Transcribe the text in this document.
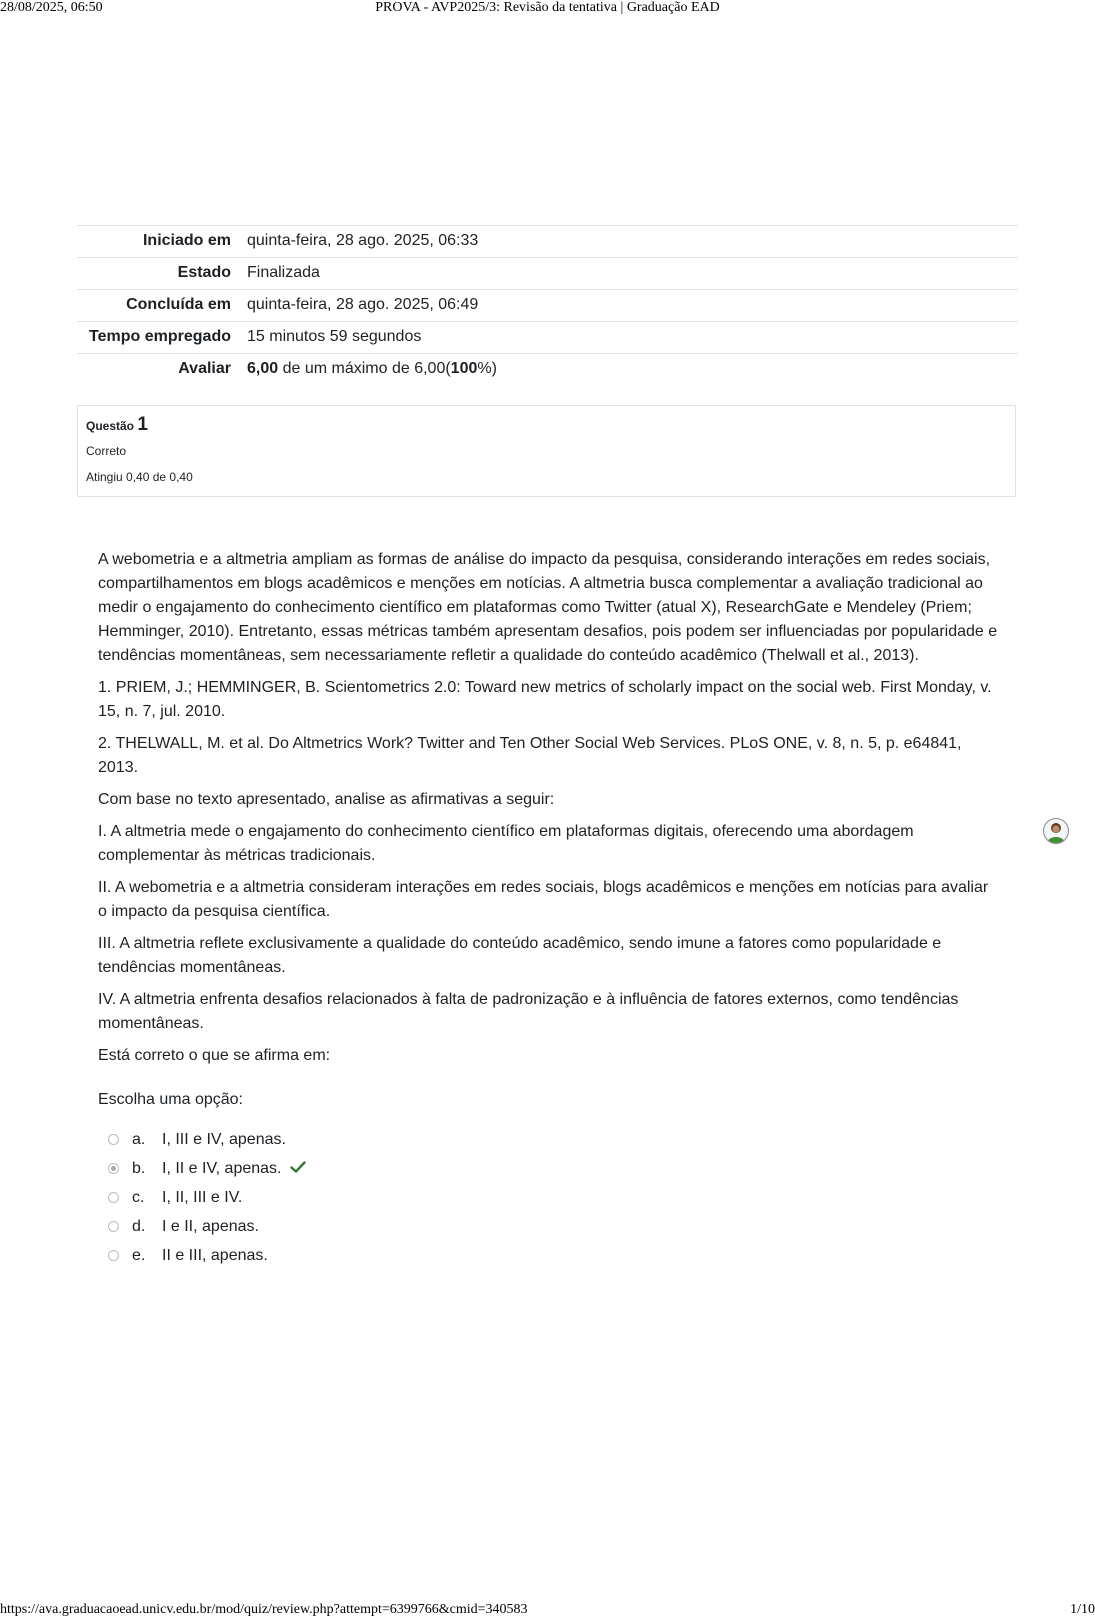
28/08/2025, 06:50	PROVA - AVP2025/3: Revisão da tentativa | Graduação EAD
Iniciado em	quinta-feira, 28 ago. 2025, 06:33
Estado	Finalizada
Concluída em	quinta-feira, 28 ago. 2025, 06:49
Tempo empregado	15 minutos 59 segundos
Avaliar	6,00 de um máximo de 6,00(100%)
Questão 1
Correto
Atingiu 0,40 de 0,40

A webometria e a altmetria ampliam as formas de análise do impacto da pesquisa, considerando interações em redes sociais, compartilhamentos em blogs acadêmicos e menções em notícias. A altmetria busca complementar a avaliação tradicional ao medir o engajamento do conhecimento científico em plataformas como Twitter (atual X), ResearchGate e Mendeley (Priem; Hemminger, 2010). Entretanto, essas métricas também apresentam desafios, pois podem ser influenciadas por popularidade e tendências momentâneas, sem necessariamente refletir a qualidade do conteúdo acadêmico (Thelwall et al., 2013).

1. PRIEM, J.; HEMMINGER, B. Scientometrics 2.0: Toward new metrics of scholarly impact on the social web. First Monday, v. 15, n. 7, jul. 2010.

2. THELWALL, M. et al. Do Altmetrics Work? Twitter and Ten Other Social Web Services. PLoS ONE, v. 8, n. 5, p. e64841, 2013.

Com base no texto apresentado, analise as afirmativas a seguir:

I. A altmetria mede o engajamento do conhecimento científico em plataformas digitais, oferecendo uma abordagem complementar às métricas tradicionais.

II. A webometria e a altmetria consideram interações em redes sociais, blogs acadêmicos e menções em notícias para avaliar o impacto da pesquisa científica.

III. A altmetria reflete exclusivamente a qualidade do conteúdo acadêmico, sendo imune a fatores como popularidade e tendências momentâneas.

IV. A altmetria enfrenta desafios relacionados à falta de padronização e à influência de fatores externos, como tendências momentâneas.

Está correto o que se afirma em:

Escolha uma opção:
a. I, III e IV, apenas.
b. I, II e IV, apenas.
c. I, II, III e IV.
d. I e II, apenas.
e. II e III, apenas.
https://ava.graduacaoead.unicv.edu.br/mod/quiz/review.php?attempt=6399766&cmid=340583	1/10
